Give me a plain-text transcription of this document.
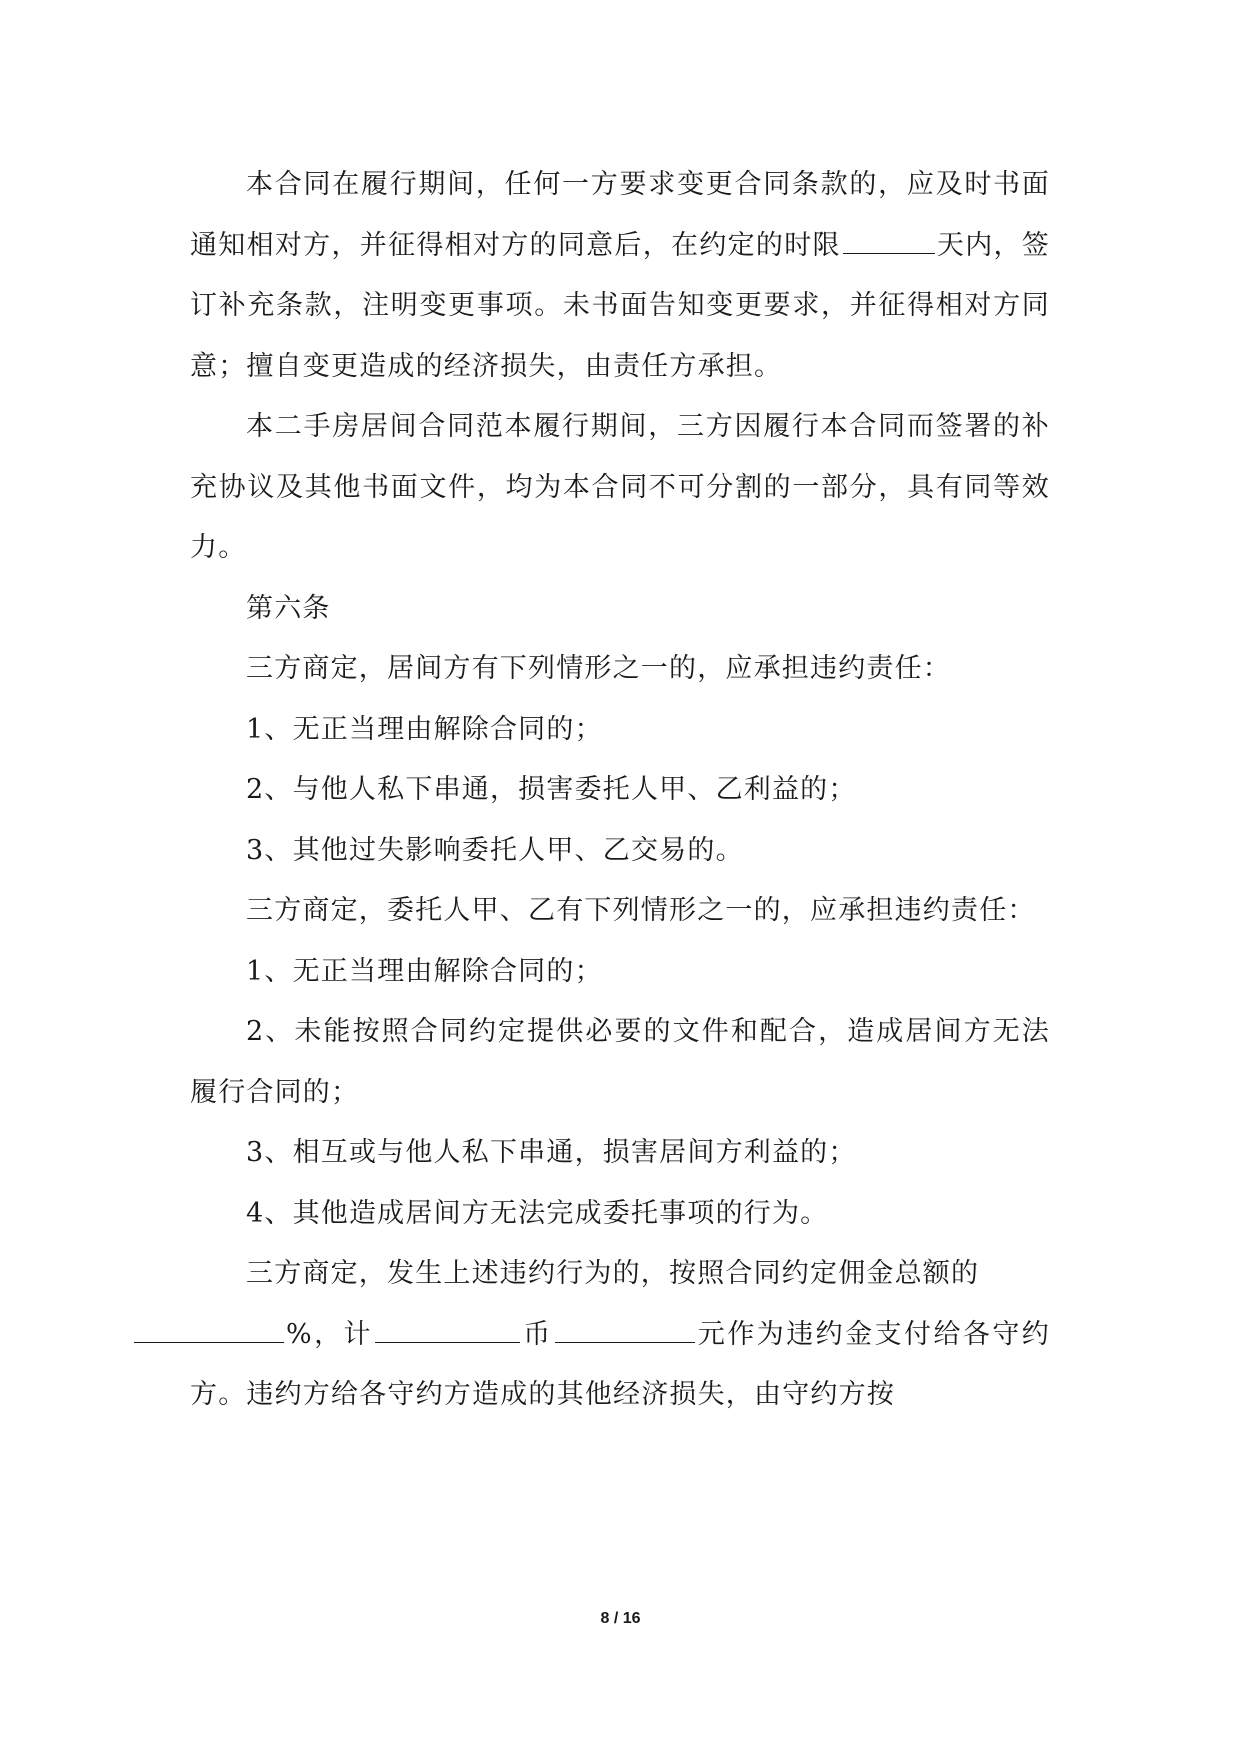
本合同在履行期间，任何一方要求变更合同条款的，应及时书面通知相对方，并征得相对方的同意后，在约定的时限	天内，签订补充条款，注明变更事项。未书面告知变更要求，并征得相对方同意；擅自变更造成的经济损失，由责任方承担。

本二手房居间合同范本履行期间，三方因履行本合同而签署的补充协议及其他书面文件，均为本合同不可分割的一部分，具有同等效力。

第六条

三方商定，居间方有下列情形之一的，应承担违约责任：

1、无正当理由解除合同的；

2、与他人私下串通，损害委托人甲、乙利益的；

3、其他过失影响委托人甲、乙交易的。

三方商定，委托人甲、乙有下列情形之一的，应承担违约责任：

1、无正当理由解除合同的；

2、未能按照合同约定提供必要的文件和配合，造成居间方无法履行合同的；

3、相互或与他人私下串通，损害居间方利益的；

4、其他造成居间方无法完成委托事项的行为。

三方商定，发生上述违约行为的，按照合同约定佣金总额的
%，计	币	元作为违约金支付给各守约方。违约方给各守约方造成的其他经济损失，由守约方按

8 / 16
